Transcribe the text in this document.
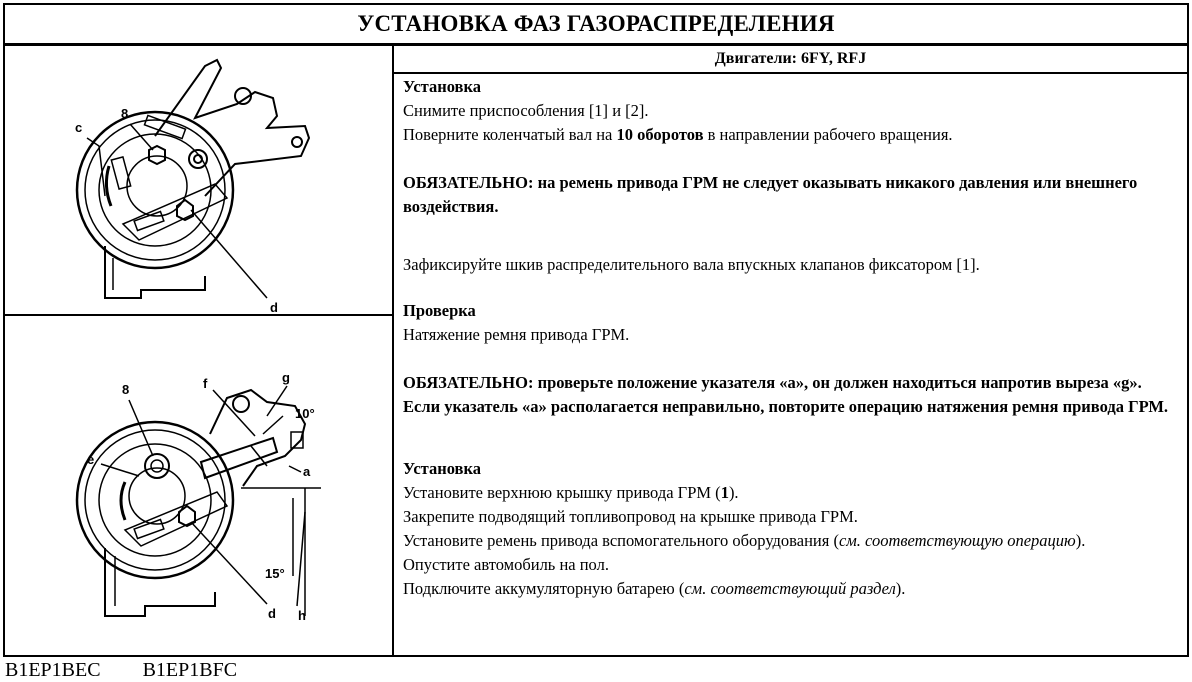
УСТАНОВКА ФАЗ ГАЗОРАСПРЕДЕЛЕНИЯ
c
8
d
8
e
f	g
10°
a
15°
d h
Двигатели: 6FY, RFJ

Установка

Снимите приспособления [1] и [2].

Поверните коленчатый вал на 10 оборотов в направлении рабочего вращения.

ОБЯЗАТЕЛЬНО: на ремень привода ГРМ не следует оказывать никакого давления или внешнего воздействия.

Зафиксируйте шкив распределительного вала впускных клапанов фиксатором [1].

Проверка

Натяжение ремня привода ГРМ.

ОБЯЗАТЕЛЬНО: проверьте положение указателя «а», он должен находиться напротив выреза «g».

Если указатель «а» располагается неправильно, повторите операцию натяжения ремня привода ГРМ.

Установка

Установите верхнюю крышку привода ГРМ (1).

Закрепите подводящий топливопровод на крышке привода ГРМ.

Установите ремень привода вспомогательного оборудования (см. соответствующую операцию).

Опустите автомобиль на пол.

Подключите аккумуляторную батарею (см. соответствующий раздел).

B1EP1BEC B1EP1BFC
